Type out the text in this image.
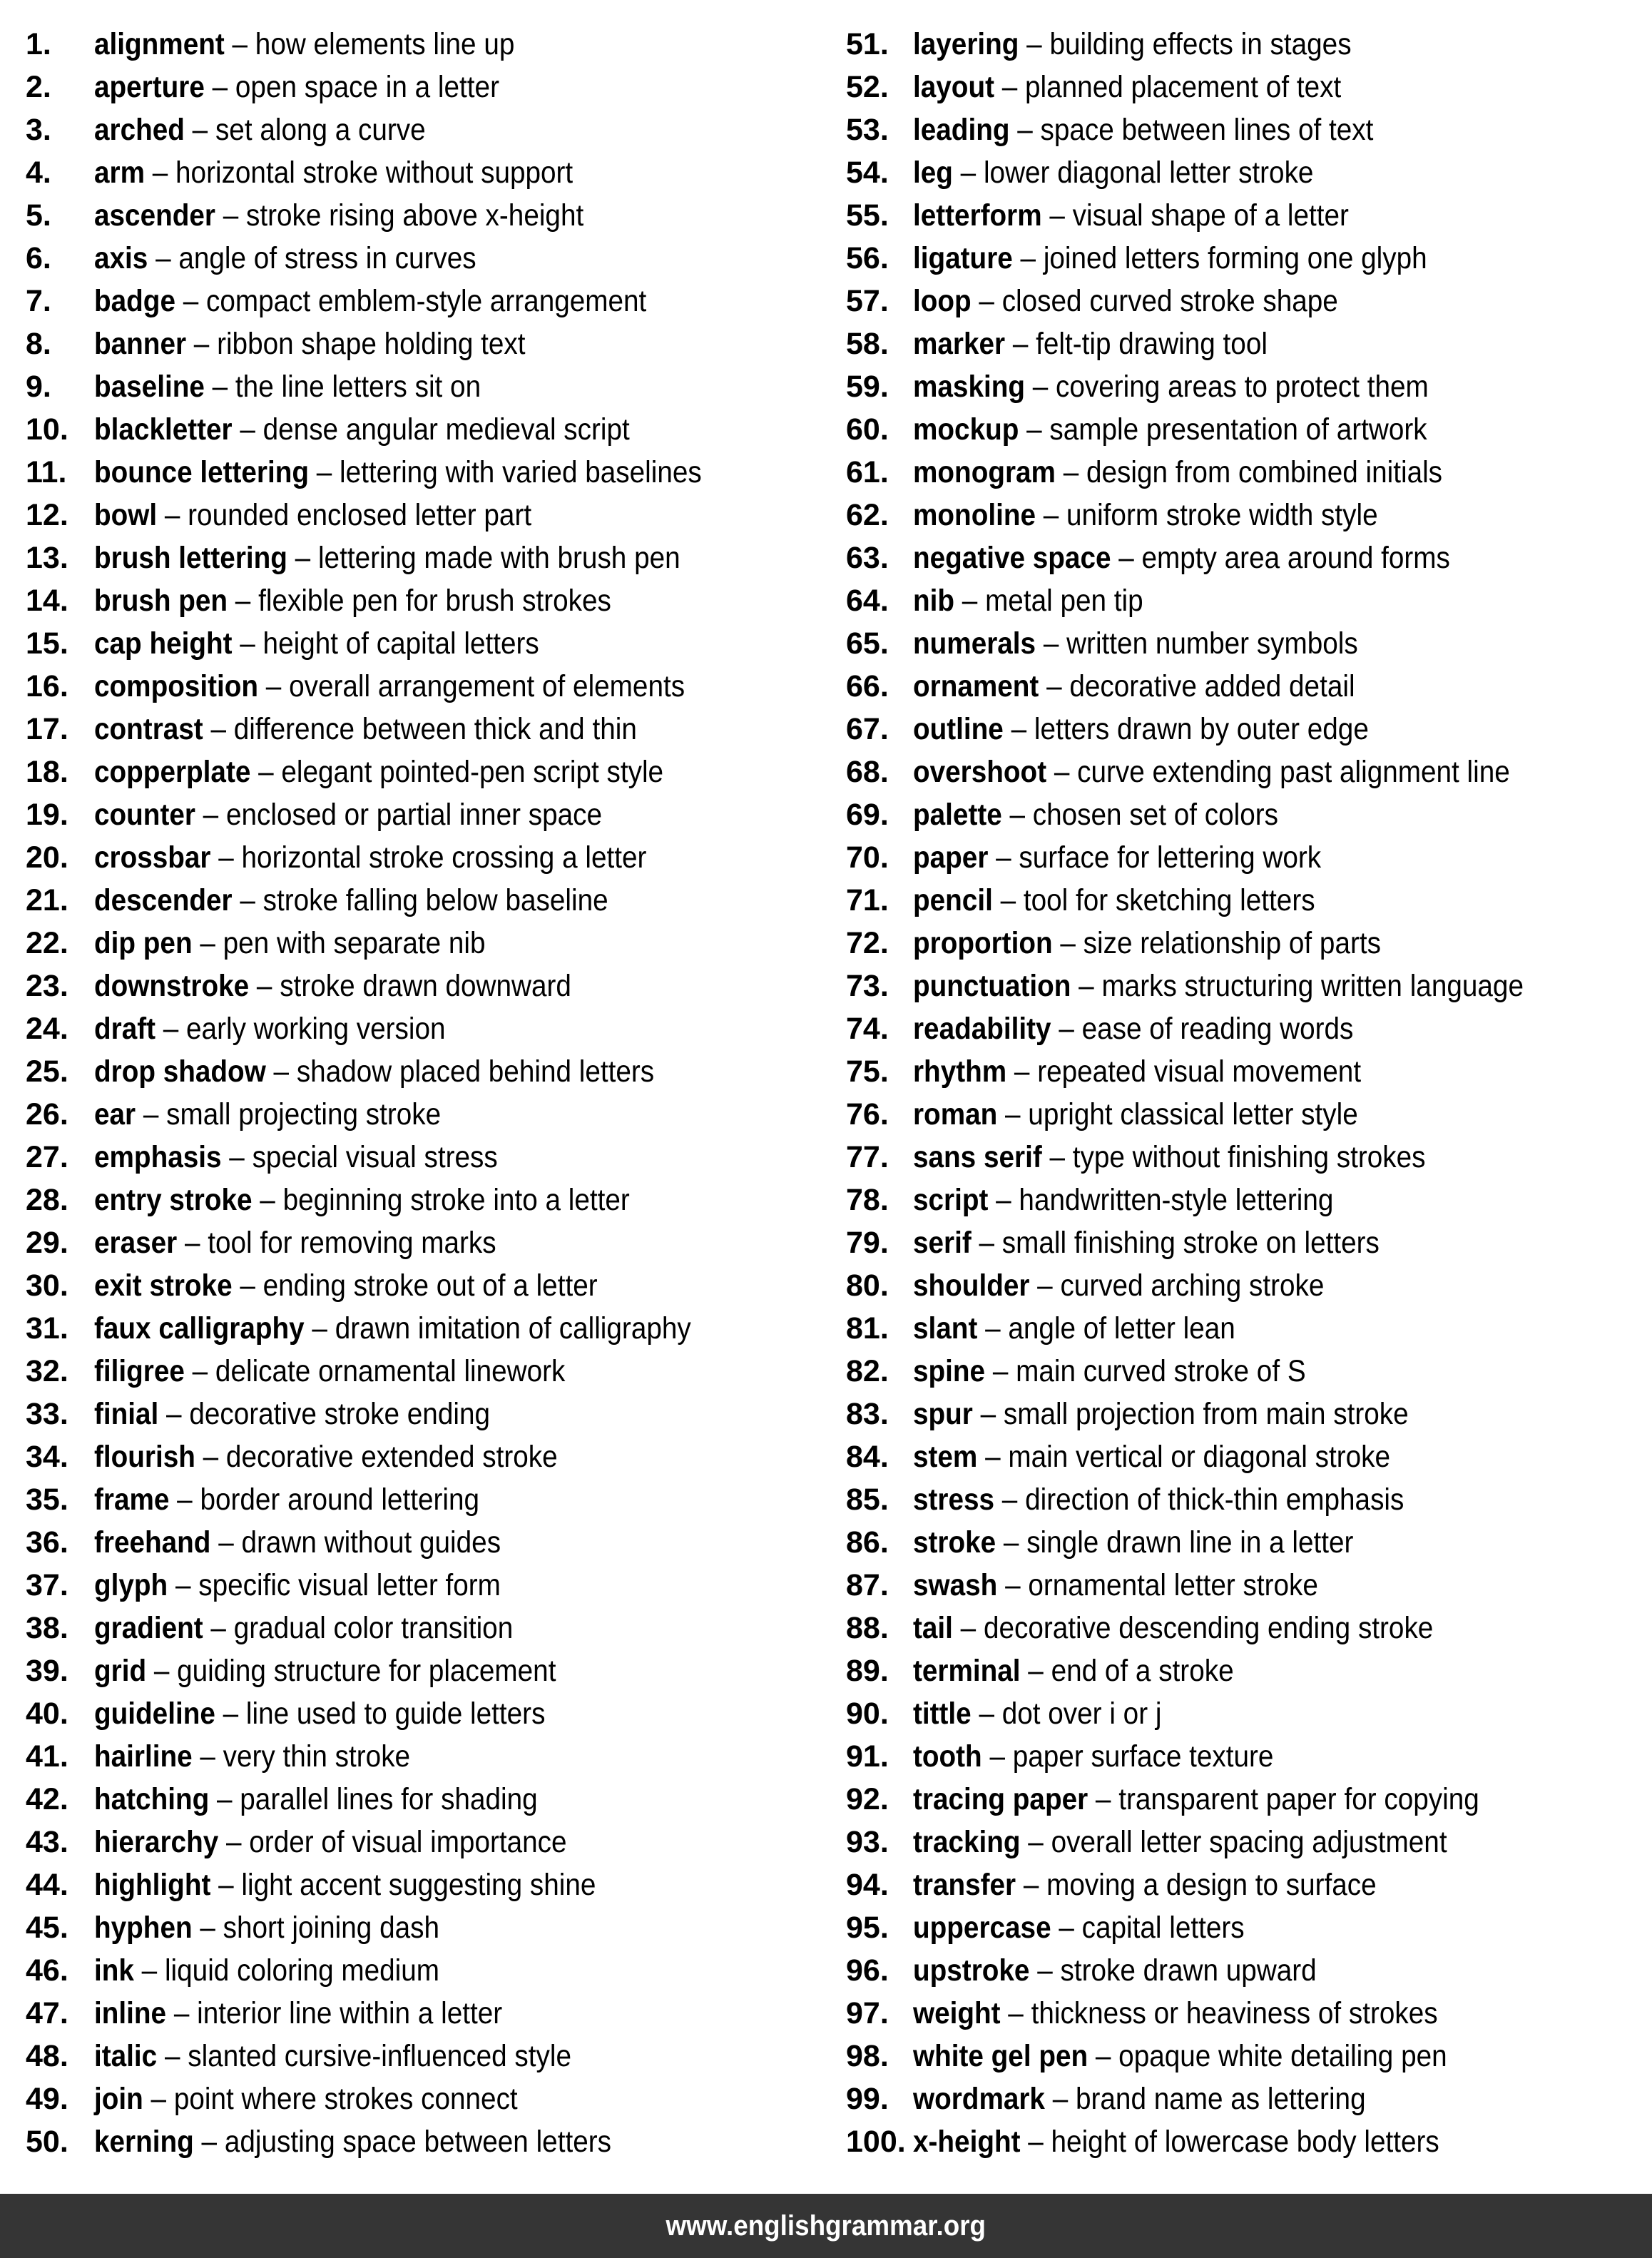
1.	alignment – how elements line up
2.	aperture – open space in a letter
3.	arched – set along a curve
4.	arm – horizontal stroke without support
5.	ascender – stroke rising above x-height
6.	axis – angle of stress in curves
7.	badge – compact emblem-style arrangement
8.	banner – ribbon shape holding text
9.	baseline – the line letters sit on
10. blackletter – dense angular medieval script
11. bounce lettering – lettering with varied baselines
12. bowl – rounded enclosed letter part
13. brush lettering – lettering made with brush pen
14. brush pen – flexible pen for brush strokes
15. cap height – height of capital letters
16. composition – overall arrangement of elements
17. contrast – difference between thick and thin
18. copperplate – elegant pointed-pen script style
19. counter – enclosed or partial inner space
20. crossbar – horizontal stroke crossing a letter
21. descender – stroke falling below baseline
22. dip pen – pen with separate nib
23. downstroke – stroke drawn downward
24. draft – early working version
25. drop shadow – shadow placed behind letters
26. ear – small projecting stroke
27. emphasis – special visual stress
28. entry stroke – beginning stroke into a letter
29. eraser – tool for removing marks
30. exit stroke – ending stroke out of a letter
31. faux calligraphy – drawn imitation of calligraphy
32. filigree – delicate ornamental linework
33. finial – decorative stroke ending
34. flourish – decorative extended stroke
35. frame – border around lettering
36. freehand – drawn without guides
37. glyph – specific visual letter form
38. gradient – gradual color transition
39. grid – guiding structure for placement
40. guideline – line used to guide letters
41. hairline – very thin stroke
42. hatching – parallel lines for shading
43. hierarchy – order of visual importance
44. highlight – light accent suggesting shine
45. hyphen – short joining dash
46. ink – liquid coloring medium
47. inline – interior line within a letter
48. italic – slanted cursive-influenced style
49. join – point where strokes connect
50. kerning – adjusting space between letters
51. layering – building effects in stages
52. layout – planned placement of text
53. leading – space between lines of text
54. leg – lower diagonal letter stroke
55. letterform – visual shape of a letter
56. ligature – joined letters forming one glyph
57. loop – closed curved stroke shape
58. marker – felt-tip drawing tool
59. masking – covering areas to protect them
60. mockup – sample presentation of artwork
61. monogram – design from combined initials
62. monoline – uniform stroke width style
63. negative space – empty area around forms
64. nib – metal pen tip
65. numerals – written number symbols
66. ornament – decorative added detail
67. outline – letters drawn by outer edge
68. overshoot – curve extending past alignment line
69. palette – chosen set of colors
70. paper – surface for lettering work
71. pencil – tool for sketching letters
72. proportion – size relationship of parts
73. punctuation – marks structuring written language
74. readability – ease of reading words
75. rhythm – repeated visual movement
76. roman – upright classical letter style
77. sans serif – type without finishing strokes
78. script – handwritten-style lettering
79. serif – small finishing stroke on letters
80. shoulder – curved arching stroke
81. slant – angle of letter lean
82. spine – main curved stroke of S
83. spur – small projection from main stroke
84. stem – main vertical or diagonal stroke
85. stress – direction of thick-thin emphasis
86. stroke – single drawn line in a letter
87. swash – ornamental letter stroke
88. tail – decorative descending ending stroke
89. terminal – end of a stroke
90. tittle – dot over i or j
91. tooth – paper surface texture
92. tracing paper – transparent paper for copying
93. tracking – overall letter spacing adjustment
94. transfer – moving a design to surface
95. uppercase – capital letters
96. upstroke – stroke drawn upward
97. weight – thickness or heaviness of strokes
98. white gel pen – opaque white detailing pen
99. wordmark – brand name as lettering
100. x-height – height of lowercase body letters
www.englishgrammar.org
